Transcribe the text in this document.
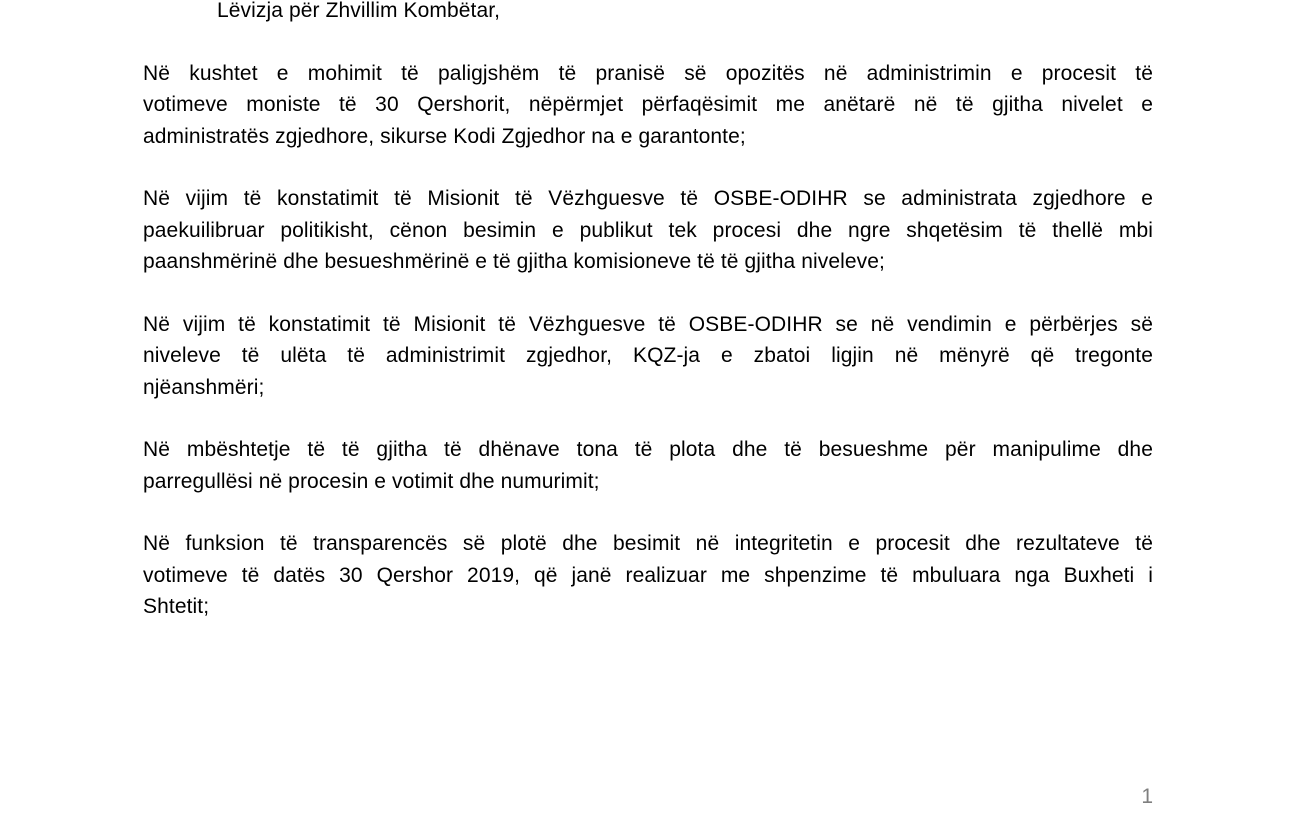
Lëvizja për Zhvillim Kombëtar,
Në kushtet e mohimit të paligjshëm të pranisë së opozitës në administrimin e procesit të
votimeve moniste të 30 Qershorit, nëpërmjet përfaqësimit me anëtarë në të gjitha nivelet e
administratës zgjedhore, sikurse Kodi Zgjedhor na e garantonte;
Në vijim të konstatimit të Misionit të Vëzhguesve të OSBE-ODIHR se administrata zgjedhore e
paekuilibruar politikisht, cënon besimin e publikut tek procesi dhe ngre shqetësim të thellë mbi
paanshmërinë dhe besueshmërinë e të gjitha komisioneve të të gjitha niveleve;
Në vijim të konstatimit të Misionit të Vëzhguesve të OSBE-ODIHR se në vendimin e përbërjes së
niveleve të ulëta të administrimit zgjedhor, KQZ-ja e zbatoi ligjin në mënyrë që tregonte
njëanshmëri;
Në mbështetje të të gjitha të dhënave tona të plota dhe të besueshme për manipulime dhe
parregullësi në procesin e votimit dhe numurimit;
Në funksion të transparencës së plotë dhe besimit në integritetin e procesit dhe rezultateve të
votimeve të datës 30 Qershor 2019, që janë realizuar me shpenzime të mbuluara nga Buxheti i
Shtetit;
1
